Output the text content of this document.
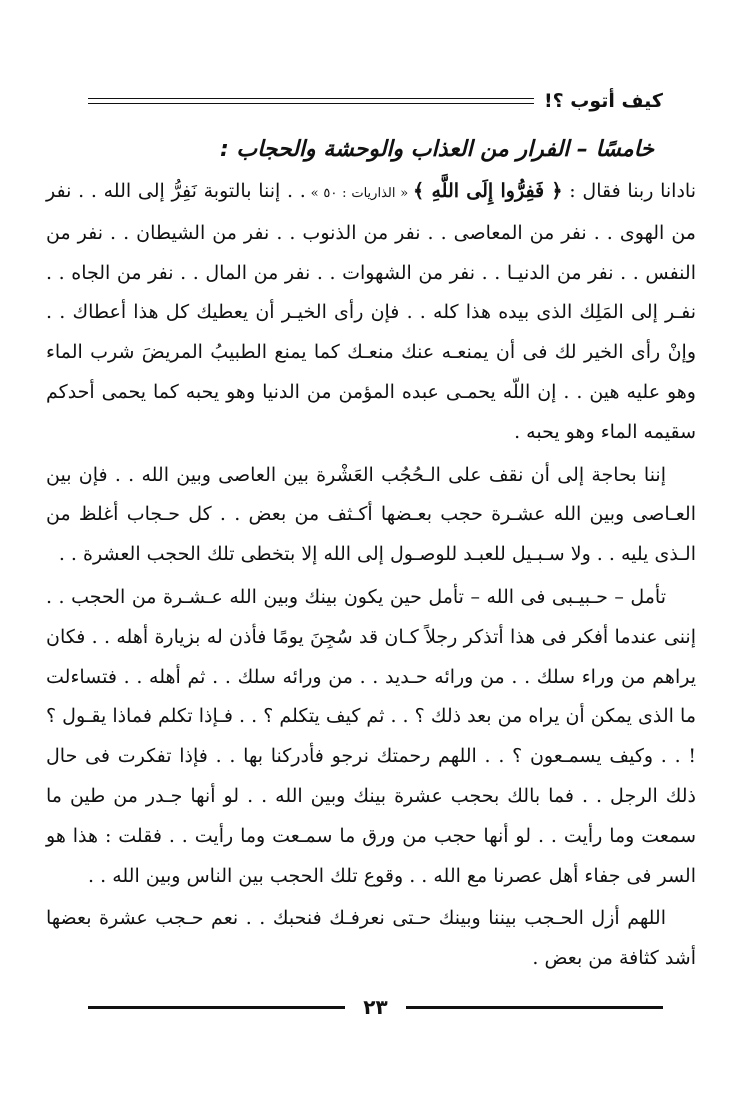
كيف أتوب ؟!
خامسًا – الفرار من العذاب والوحشة والحجاب :

نادانا ربنا فقال : ﴿ فَفِرُّوا إِلَى اللَّهِ ﴾ « الذاريات : ٥٠ » . . إننا بالتوبة نَفِرُّ إلى الله . . نفر من الهوى . . نفر من المعاصى . . نفر من الذنوب . . نفر من الشيطان . . نفر من النفس . . نفر من الدنيـا . . نفر من الشهوات . . نفر من المال . . نفر من الجاه . . نفـر إلى المَلِك الذى بيده هذا كله . . فإن رأى الخيـر أن يعطيك كل هذا أعطاك . . وإنْ رأى الخير لك فى أن يمنعـه عنك منعـك كما يمنع الطبيبُ المريضَ شرب الماء وهو عليه هين . . إن اللّه يحمـى عبده المؤمن من الدنيا وهو يحبه كما يحمى أحدكم سقيمه الماء وهو يحبه .

إننا بحاجة إلى أن نقف على الـحُجُب العَشْرة بين العاصى وبين الله . . فإن بين العـاصى وبين الله عشـرة حجب بعـضها أكـثف من بعض . . كل حـجاب أغلظ من الـذى يليه . . ولا سـبـيل للعبـد للوصـول إلى الله إلا بتخطى تلك الحجب العشرة . .

تأمل – حـبيـبى فى الله – تأمل حين يكون بينك وبين الله عـشـرة من الحجب . . إننى عندما أفكر فى هذا أتذكر رجلاً كـان قد سُجِنَ يومًا فأذن له بزيارة أهله . . فكان يراهم من وراء سلك . . من ورائه حـديد . . من ورائه سلك . . ثم أهله . . فتساءلت ما الذى يمكن أن يراه من بعد ذلك ؟ . . ثم كيف يتكلم ؟ . . فـإذا تكلم فماذا يقـول ؟ ! . . وكيف يسمـعون ؟ . . اللهم رحمتك نرجو فأدركنا بها . . فإذا تفكرت فى حال ذلك الرجل . . فما بالك بحجب عشرة بينك وبين الله . . لو أنها جـدر من طين ما سمعت وما رأيت . . لو أنها حجب من ورق ما سمـعت وما رأيت . . فقلت : هذا هو السر فى جفاء أهل عصرنا مع الله . . وقوع تلك الحجب بين الناس وبين الله . .

اللهم أزل الحـجب بيننا وبينك حـتى نعرفـك فنحبك . . نعم حـجب عشرة بعضها أشد كثافة من بعض .

٢٣
